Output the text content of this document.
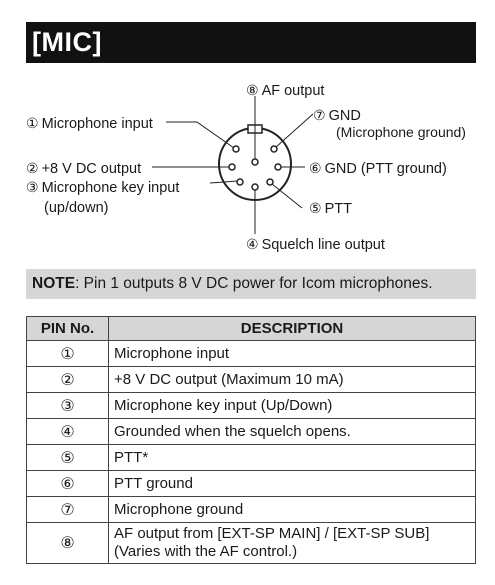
[MIC]
⑧ AF output
⑦ GND
(Microphone ground)
① Microphone input
⑥ GND (PTT ground)
② +8 V DC output
③ Microphone key input
(up/down)	⑤ PTT
④ Squelch line output
NOTE: Pin 1 outputs 8 V DC power for Icom microphones.
PIN No.	DESCRIPTION
①	Microphone input
②	+8 V DC output (Maximum 10 mA)
③	Microphone key input (Up/Down)
④	Grounded when the squelch opens.
⑤	PTT*
⑥	PTT ground
⑦	Microphone ground
⑧	AF output from [EXT-SP MAIN] / [EXT-SP SUB]
(Varies with the AF control.)
